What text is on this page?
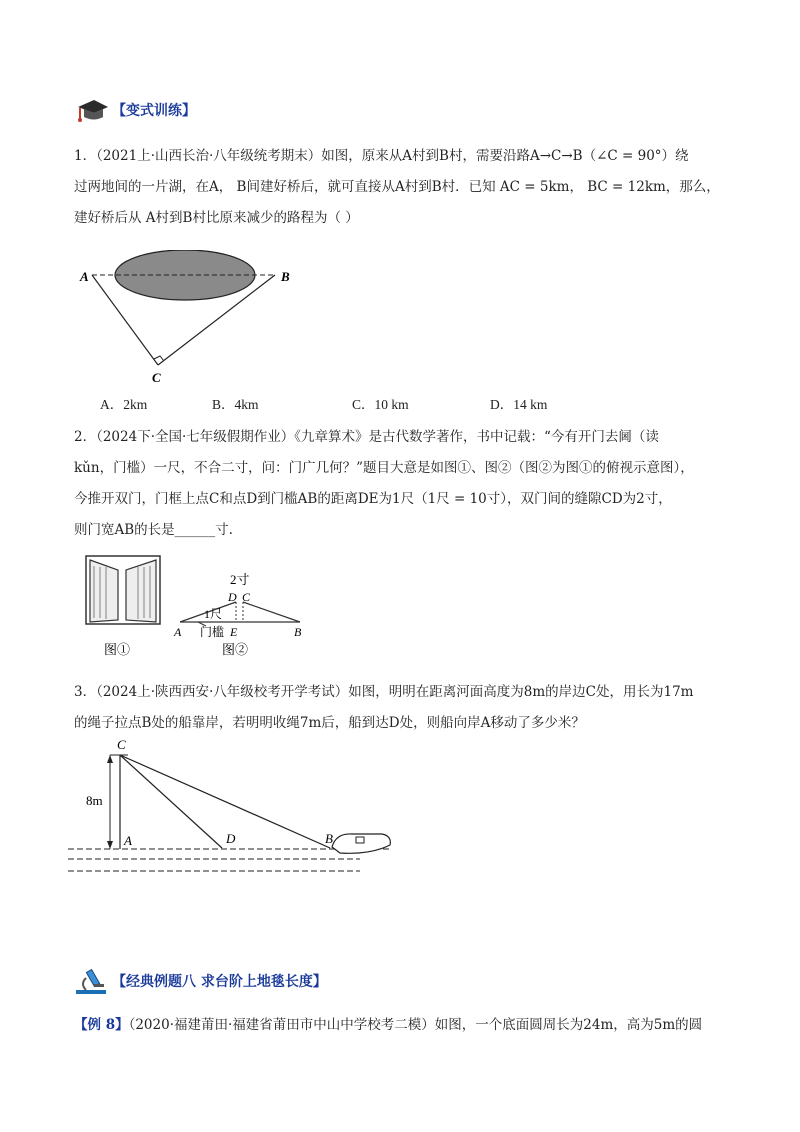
【变式训练】

1．（2021上·山西长治·八年级统考期末）如图，原来从A村到B村，需要沿路A→C→B（∠C = 90°）绕

过两地间的一片湖，在A， B间建好桥后，就可直接从A村到B村．已知 AC = 5km， BC = 12km，那么，

建好桥后从 A村到B村比原来减少的路程为（ ）

A	B
C
A．2km	B．4km	C．10 km	D．14 km

2．（2024下·全国·七年级假期作业）《九章算术》是古代数学著作，书中记载：“今有开门去阃（读

kǔn，门槛）一尺，不合二寸，问：门广几何？”题目大意是如图①、图②（图②为图①的俯视示意图），

今推开双门，门框上点C和点D到门槛AB的距离DE为1尺（1尺 = 10寸），双门间的缝隙CD为2寸，

则门宽AB的长是______寸.

图①
2寸
D C
1尺
A 门槛 E	B
图②

3．（2024上·陕西西安·八年级校考开学考试）如图，明明在距离河面高度为8m的岸边C处，用长为17m

的绳子拉点B处的船靠岸，若明明收绳7m后，船到达D处，则船向岸A移动了多少米？

C
8m
A	D	B
【经典例题八 求台阶上地毯长度】

【例 8】（2020·福建莆田·福建省莆田市中山中学校考二模）如图，一个底面圆周长为24m，高为5m的圆
